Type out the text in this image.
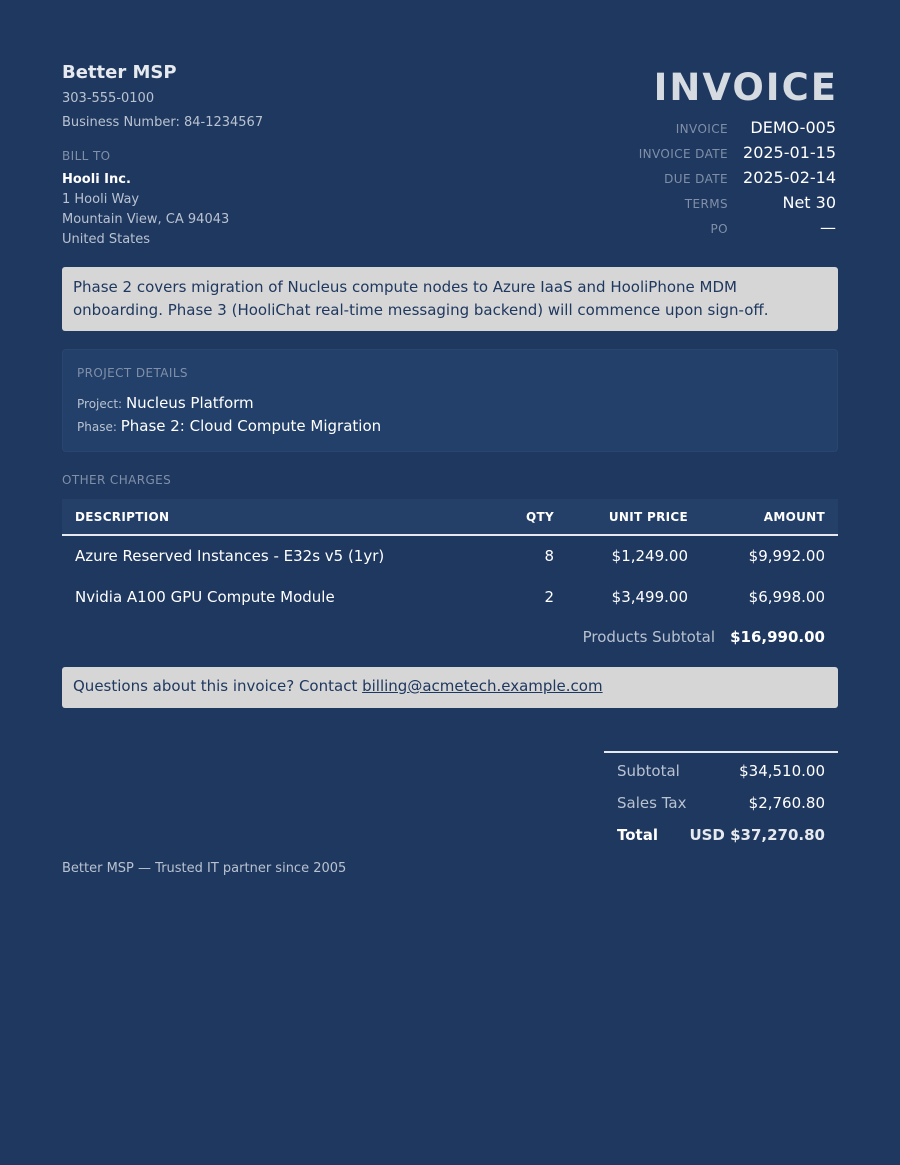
Better MSP
303-555-0100
Business Number: 84-1234567
BILL TO
Hooli Inc.
1 Hooli Way
Mountain View, CA 94043
United States
INVOICE
INVOICE DEMO-005
INVOICE DATE 2025-01-15
DUE DATE 2025-02-14
TERMS	Net 30
PO	—
Phase 2 covers migration of Nucleus compute nodes to Azure IaaS and HooliPhone MDM onboarding. Phase 3 (HooliChat real-time messaging backend) will commence upon sign-off.
PROJECT DETAILS
Project: Nucleus Platform
Phase: Phase 2: Cloud Compute Migration
OTHER CHARGES
DESCRIPTION	QTY	UNIT PRICE	AMOUNT
Azure Reserved Instances - E32s v5 (1yr)	8	$1,249.00	$9,992.00
Nvidia A100 GPU Compute Module	2	$3,499.00	$6,998.00
Products Subtotal $16,990.00
Questions about this invoice? Contact billing@acmetech.example.com
Subtotal	$34,510.00
Sales Tax	$2,760.80
Total USD $37,270.80
Better MSP — Trusted IT partner since 2005
